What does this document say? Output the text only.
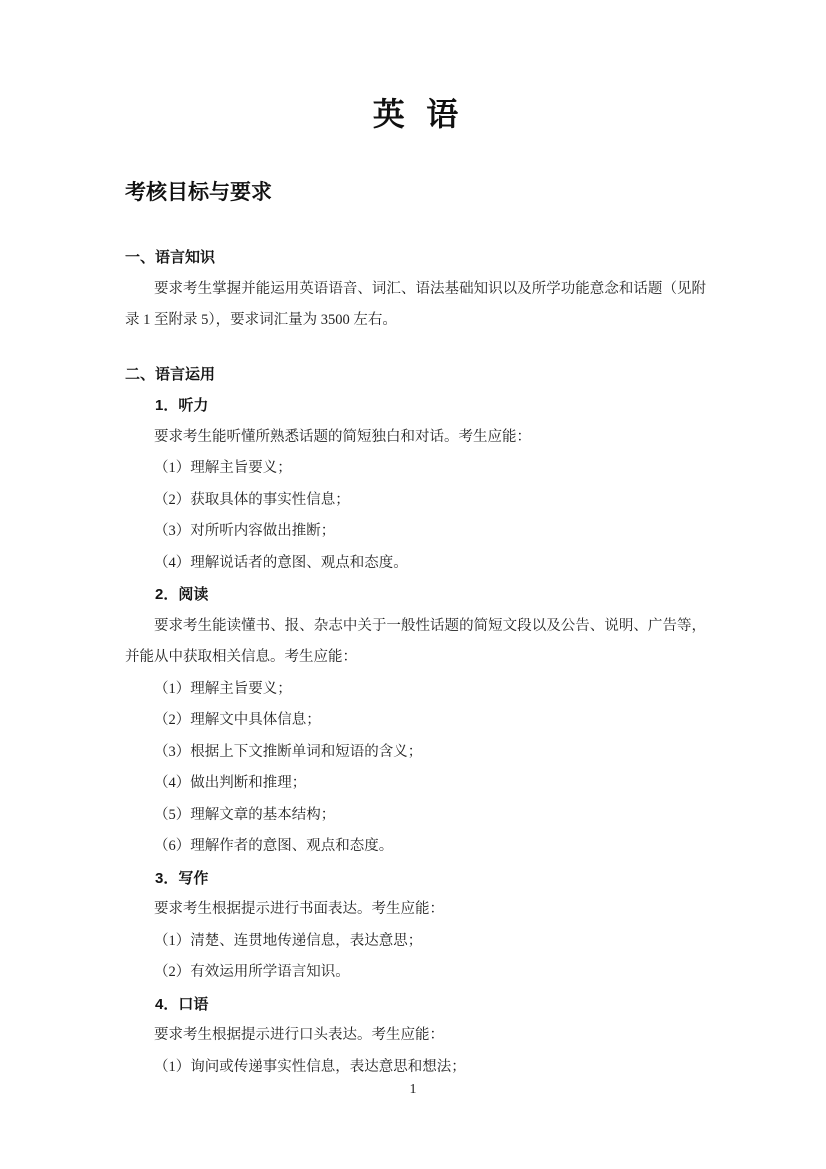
英 语
考核目标与要求
一、语言知识

要求考生掌握并能运用英语语音、词汇、语法基础知识以及所学功能意念和话题（见附录 1 至附录 5），要求词汇量为 3500 左右。

二、语言运用
1．听力

要求考生能听懂所熟悉话题的简短独白和对话。考生应能：

（1）理解主旨要义；

（2）获取具体的事实性信息；

（3）对所听内容做出推断；

（4）理解说话者的意图、观点和态度。

2．阅读

要求考生能读懂书、报、杂志中关于一般性话题的简短文段以及公告、说明、广告等，并能从中获取相关信息。考生应能：

（1）理解主旨要义；

（2）理解文中具体信息；

（3）根据上下文推断单词和短语的含义；

（4）做出判断和推理；

（5）理解文章的基本结构；

（6）理解作者的意图、观点和态度。

3．写作

要求考生根据提示进行书面表达。考生应能：

（1）清楚、连贯地传递信息，表达意思；

（2）有效运用所学语言知识。

4．口语

要求考生根据提示进行口头表达。考生应能：

（1）询问或传递事实性信息，表达意思和想法；

1
